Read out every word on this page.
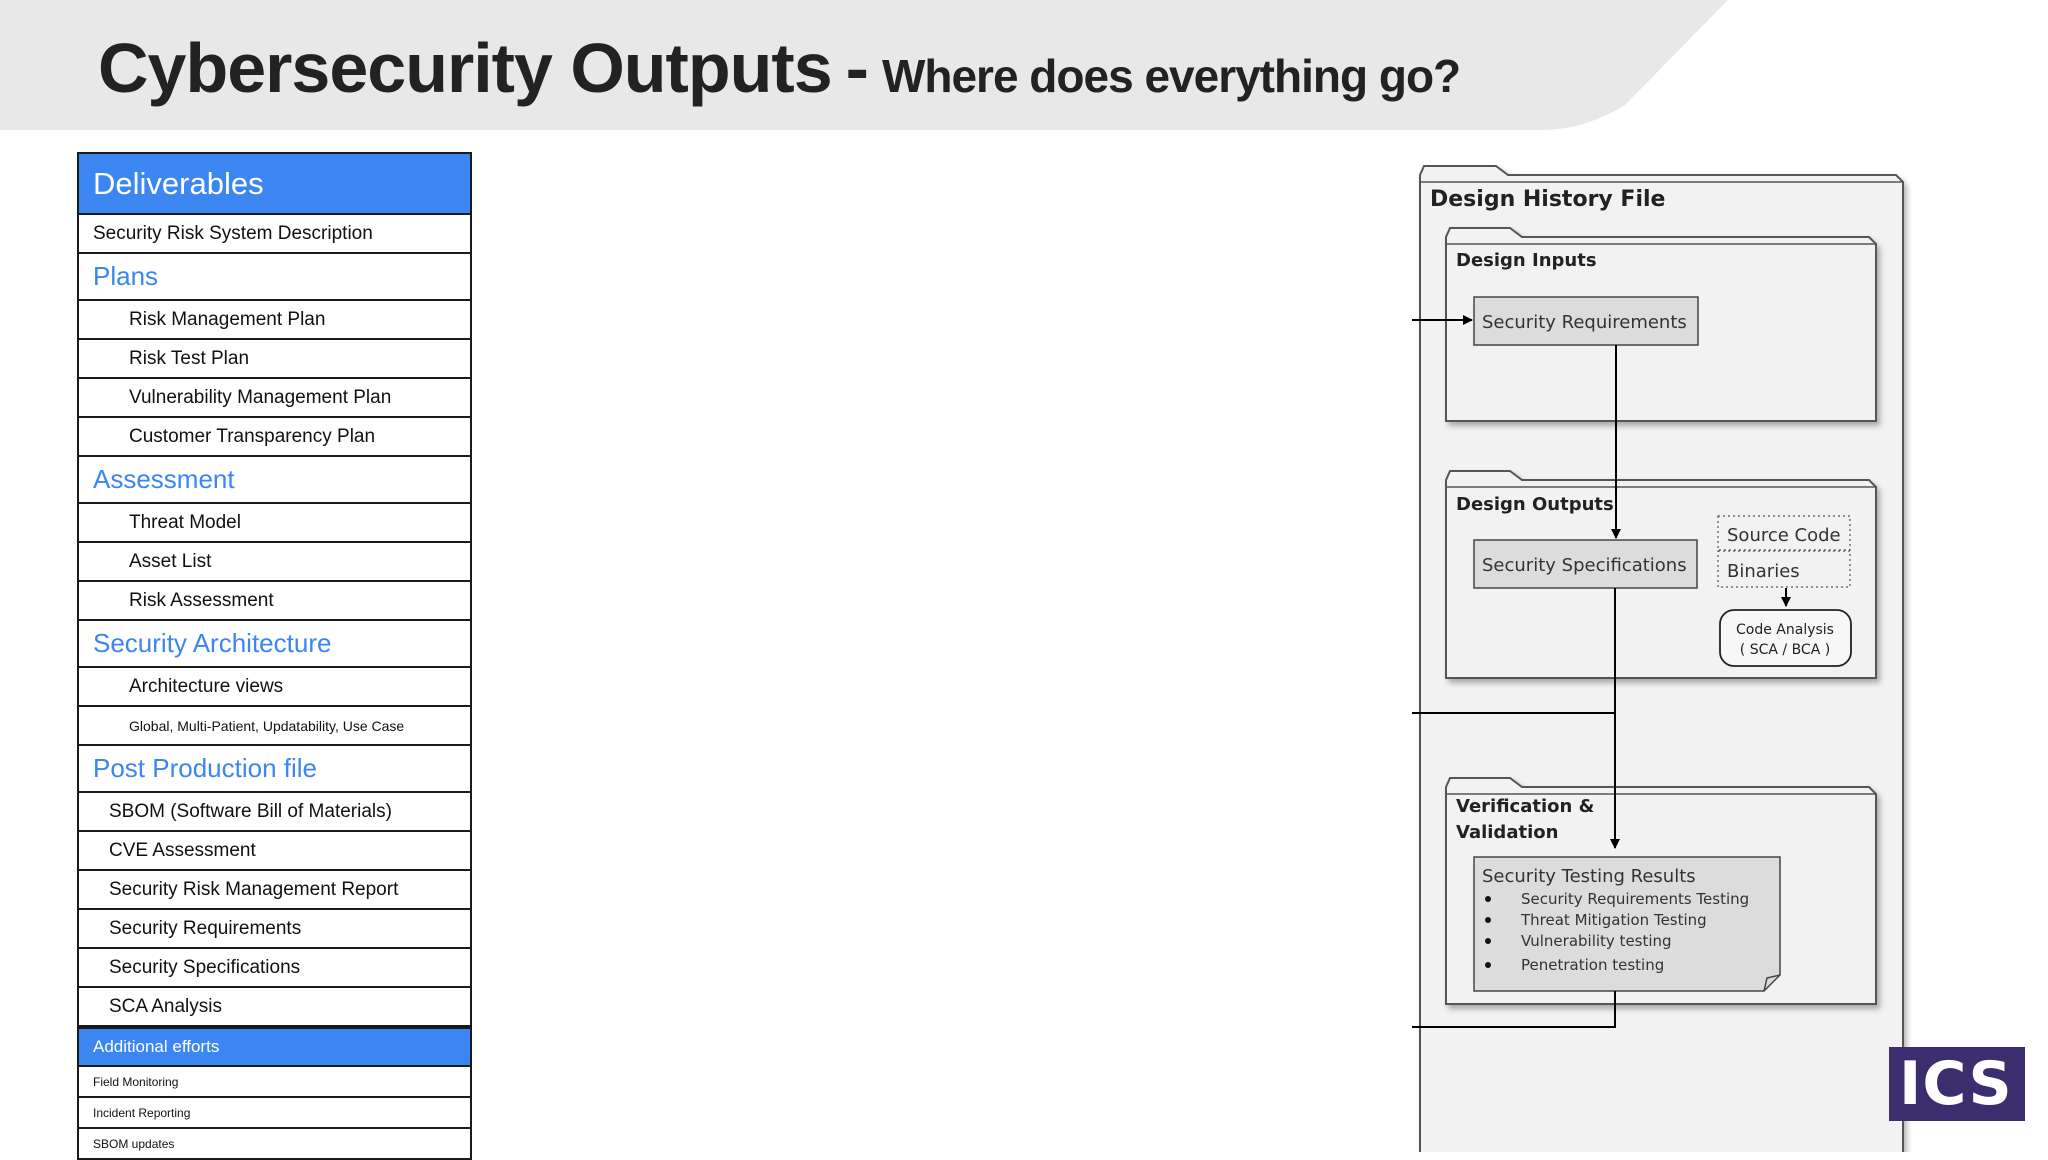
Cybersecurity Outputs - Where does everything go?
Deliverables
Security Risk System Description
Plans
Risk Management Plan
Risk Test Plan
Vulnerability Management Plan
Customer Transparency Plan
Assessment
Threat Model
Asset List
Risk Assessment
Security Architecture
Architecture views
Global, Multi-Patient, Updatability, Use Case
Post Production file
SBOM (Software Bill of Materials)
CVE Assessment
Security Risk Management Report
Security Requirements
Security Specifications
SCA Analysis
Additional efforts
Field Monitoring
Incident Reporting
SBOM updates
Design History File
Design Inputs
Security Requirements
Design Outputs
Security Specifications
Source Code
Binaries
Code Analysis
( SCA / BCA )
Verification &
Validation
Security Testing Results
Security Requirements Testing
Threat Mitigation Testing
Vulnerability testing
Penetration testing
ICS
